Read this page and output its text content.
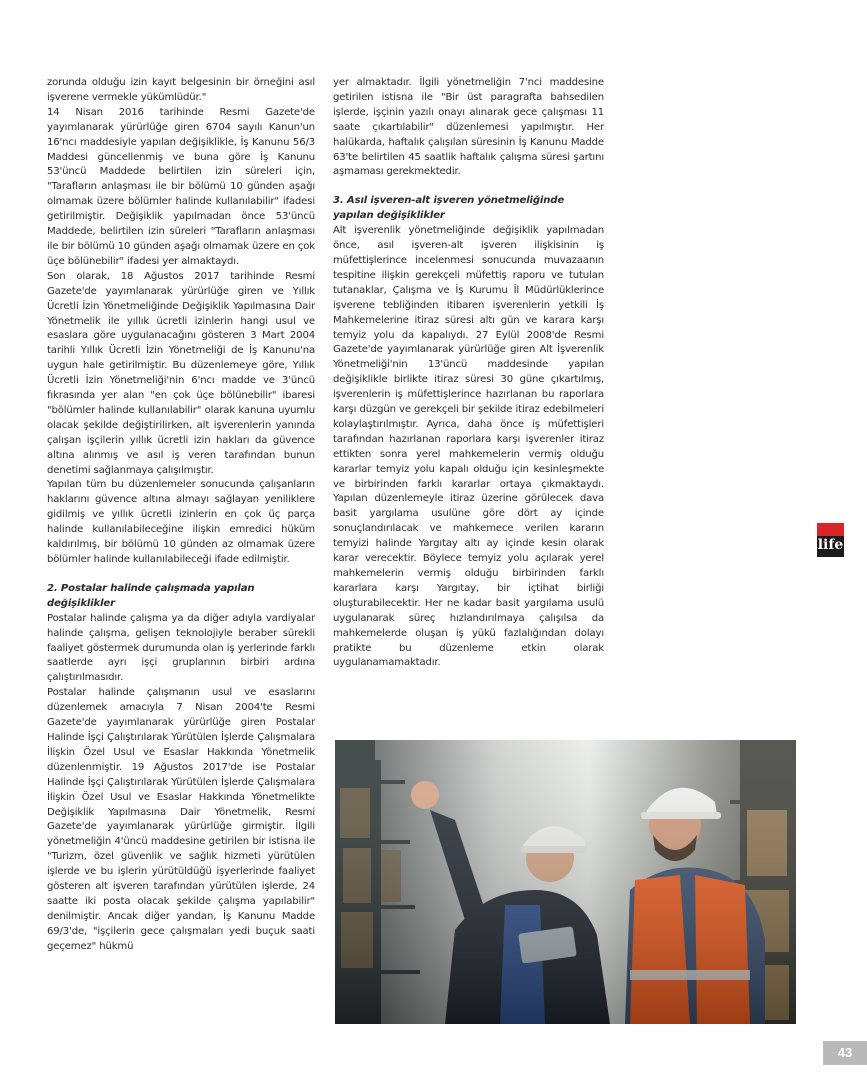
zorunda olduğu izin kayıt belgesinin bir örneğini asıl işverene vermekle yükümlüdür."

14 Nisan 2016 tarihinde Resmi Gazete'de yayımlanarak yürürlüğe giren 6704 sayılı Kanun'un 16'ncı maddesiyle yapılan değişiklikle, İş Kanunu 56/3 Maddesi güncellenmiş ve buna göre İş Kanunu 53'üncü Maddede belirtilen izin süreleri için, "Tarafların anlaşması ile bir bölümü 10 günden aşağı olmamak üzere bölümler halinde kullanılabilir" ifadesi getirilmiştir. Değişiklik yapılmadan önce 53'üncü Maddede, belirtilen izin süreleri "Tarafların anlaşması ile bir bölümü 10 günden aşağı olmamak üzere en çok üçe bölünebilir" ifadesi yer almaktaydı.

Son olarak, 18 Ağustos 2017 tarihinde Resmi Gazete'de yayımlanarak yürürlüğe giren ve Yıllık Ücretli İzin Yönetmeliğinde Değişiklik Yapılmasına Dair Yönetmelik ile yıllık ücretli izinlerin hangi usul ve esaslara göre uygulanacağını gösteren 3 Mart 2004 tarihli Yıllık Ücretli İzin Yönetmeliği de İş Kanunu'na uygun hale getirilmiştir. Bu düzenlemeye göre, Yıllık Ücretli İzin Yönetmeliği'nin 6'ncı madde ve 3'üncü fıkrasında yer alan "en çok üçe bölünebilir" ibaresi "bölümler halinde kullanılabilir" olarak kanuna uyumlu olacak şekilde değiştirilirken, alt işverenlerin yanında çalışan işçilerin yıllık ücretli izin hakları da güvence altına alınmış ve asıl iş veren tarafından bunun denetimi sağlanmaya çalışılmıştır.

Yapılan tüm bu düzenlemeler sonucunda çalışanların haklarını güvence altına almayı sağlayan yeniliklere gidilmiş ve yıllık ücretli izinlerin en çok üç parça halinde kullanılabileceğine ilişkin emredici hüküm kaldırılmış, bir bölümü 10 günden az olmamak üzere bölümler halinde kullanılabileceği ifade edilmiştir.

2. Postalar halinde çalışmada yapılan değişiklikler

Postalar halinde çalışma ya da diğer adıyla vardiyalar halinde çalışma, gelişen teknolojiyle beraber sürekli faaliyet göstermek durumunda olan iş yerlerinde farklı saatlerde ayrı işçi gruplarının birbiri ardına çalıştırılmasıdır.

Postalar halinde çalışmanın usul ve esaslarını düzenlemek amacıyla 7 Nisan 2004'te Resmi Gazete'de yayımlanarak yürürlüğe giren Postalar Halinde İşçi Çalıştırılarak Yürütülen İşlerde Çalışmalara İlişkin Özel Usul ve Esaslar Hakkında Yönetmelik düzenlenmiştir. 19 Ağustos 2017'de ise Postalar Halinde İşçi Çalıştırılarak Yürütülen İşlerde Çalışmalara İlişkin Özel Usul ve Esaslar Hakkında Yönetmelikte Değişiklik Yapılmasına Dair Yönetmelik, Resmi Gazete'de yayımlanarak yürürlüğe girmiştir. İlgili yönetmeliğin 4'üncü maddesine getirilen bir istisna ile "Turizm, özel güvenlik ve sağlık hizmeti yürütülen işlerde ve bu işlerin yürütüldüğü işyerlerinde faaliyet gösteren alt işveren tarafından yürütülen işlerde, 24 saatte iki posta olacak şekilde çalışma yapılabilir" denilmiştir. Ancak diğer yandan, İş Kanunu Madde 69/3'de, "işçilerin gece çalışmaları yedi buçuk saati geçemez" hükmü

yer almaktadır. İlgili yönetmeliğin 7'nci maddesine getirilen istisna ile "Bir üst paragrafta bahsedilen işlerde, işçinin yazılı onayı alınarak gece çalışması 11 saate çıkartılabilir" düzenlemesi yapılmıştır. Her halükarda, haftalık çalışılan süresinin İş Kanunu Madde 63'te belirtilen 45 saatlik haftalık çalışma süresi şartını aşmaması gerekmektedir.

3. Asıl işveren-alt işveren yönetmeliğinde yapılan değişiklikler

Alt işverenlik yönetmeliğinde değişiklik yapılmadan önce, asıl işveren-alt işveren ilişkisinin iş müfettişlerince incelenmesi sonucunda muvazaanın tespitine ilişkin gerekçeli müfettiş raporu ve tutulan tutanaklar, Çalışma ve İş Kurumu İl Müdürlüklerince işverene tebliğinden itibaren işverenlerin yetkili İş Mahkemelerine itiraz süresi altı gün ve karara karşı temyiz yolu da kapalıydı. 27 Eylül 2008'de Resmi Gazete'de yayımlanarak yürürlüğe giren Alt İşverenlik Yönetmeliği'nin 13'üncü maddesinde yapılan değişiklikle birlikte itiraz süresi 30 güne çıkartılmış, işverenlerin iş müfettişlerince hazırlanan bu raporlara karşı düzgün ve gerekçeli bir şekilde itiraz edebilmeleri kolaylaştırılmıştır. Ayrıca, daha önce iş müfettişleri tarafından hazırlanan raporlara karşı işverenler itiraz ettikten sonra yerel mahkemelerin vermiş olduğu kararlar temyiz yolu kapalı olduğu için kesinleşmekte ve birbirinden farklı kararlar ortaya çıkmaktaydı. Yapılan düzenlemeyle itiraz üzerine görülecek dava basit yargılama usulüne göre dört ay içinde sonuçlandırılacak ve mahkemece verilen kararın temyizi halinde Yargıtay altı ay içinde kesin olarak karar verecektir. Böylece temyiz yolu açılarak yerel mahkemelerin vermiş olduğu birbirinden farklı kararlara karşı Yargıtay, bir içtihat birliği oluşturabilecektir. Her ne kadar basit yargılama usulü uygulanarak süreç hızlandırılmaya çalışılsa da mahkemelerde oluşan iş yükü fazlalığından dolayı pratikte bu düzenleme etkin olarak uygulanamamaktadır.

life
43
